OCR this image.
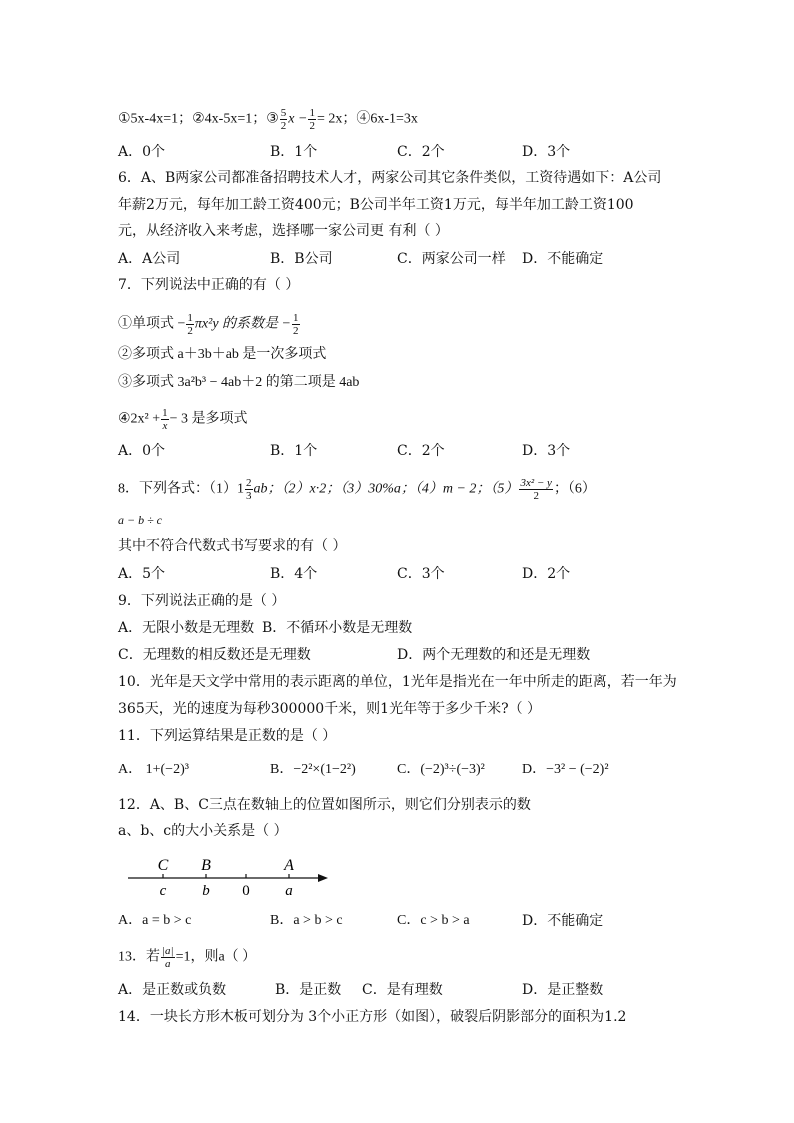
①5x-4x=1；②4x-5x=1；③ $\frac{5}{2}$ $x - \frac{1}{2} = 2x$；④6x-1=3x
A．0个	B．1个	C．2个	D．3个
6．A、B两家公司都准备招聘技术人才，两家公司其它条件类似，工资待遇如下：A公司
年薪2万元，每年加工龄工资400元；B公司半年工资1万元，每半年加工龄工资100
元，从经济收入来考虑，选择哪一家公司更 有利（ ）
A．A公司	B．B公司	C．两家公司一样 D．不能确定
7．下列说法中正确的有（ ）
①单项式 − $\frac{1}{2} \pi x^2y$ 的系数是 − $\frac{1}{2}$
②多项式 a＋3b＋ab 是一次多项式
③多项式 3a²b³ − 4ab＋2 的第二项是 4ab
④2x² + $\frac{1}{x} - 3$ 是多项式
A．0个	B．1个	C．2个	D．3个
8．下列各式：$(1)1 \frac{2}{3}$ ab；（2）x·2；（3）30%a；（4）m − 2；$(5) \frac{\text{3x² − y}}{2}$ ；（6）
a − b ÷ c
其中不符合代数式书写要求的有（ ）
A．5个	B．4个	C．3个	D．2个
9．下列说法正确的是（ ）
A．无限小数是无理数 B．不循环小数是无理数
C．无理数的相反数还是无理数	D．两个无理数的和还是无理数
10．光年是天文学中常用的表示距离的单位，1光年是指光在一年中所走的距离，若一年为
365天，光的速度为每秒300000千米，则1光年等于多少千米?（ ）
11．下列运算结果是正数的是（ ）
A． 1+(−2)³	B．−2²×(1−2²)	C．(−2)³÷(−3)²	D．−3² − (−2)²
12．A、B、C三点在数轴上的位置如图所示，则它们分别表示的数
a、b、c的大小关系是（ ）
C B	A
c b 0 a
A．a = b > c	B．a > b > c	C．c > b > a	D．不能确定
13．若 $\frac{|a|}{a} =1$，则a（ ）
A．是正数或负数	B．是正数 C．是有理数	D．是正整数
14．一块长方形木板可划分为 3个小正方形（如图），破裂后阴影部分的面积为1.2
